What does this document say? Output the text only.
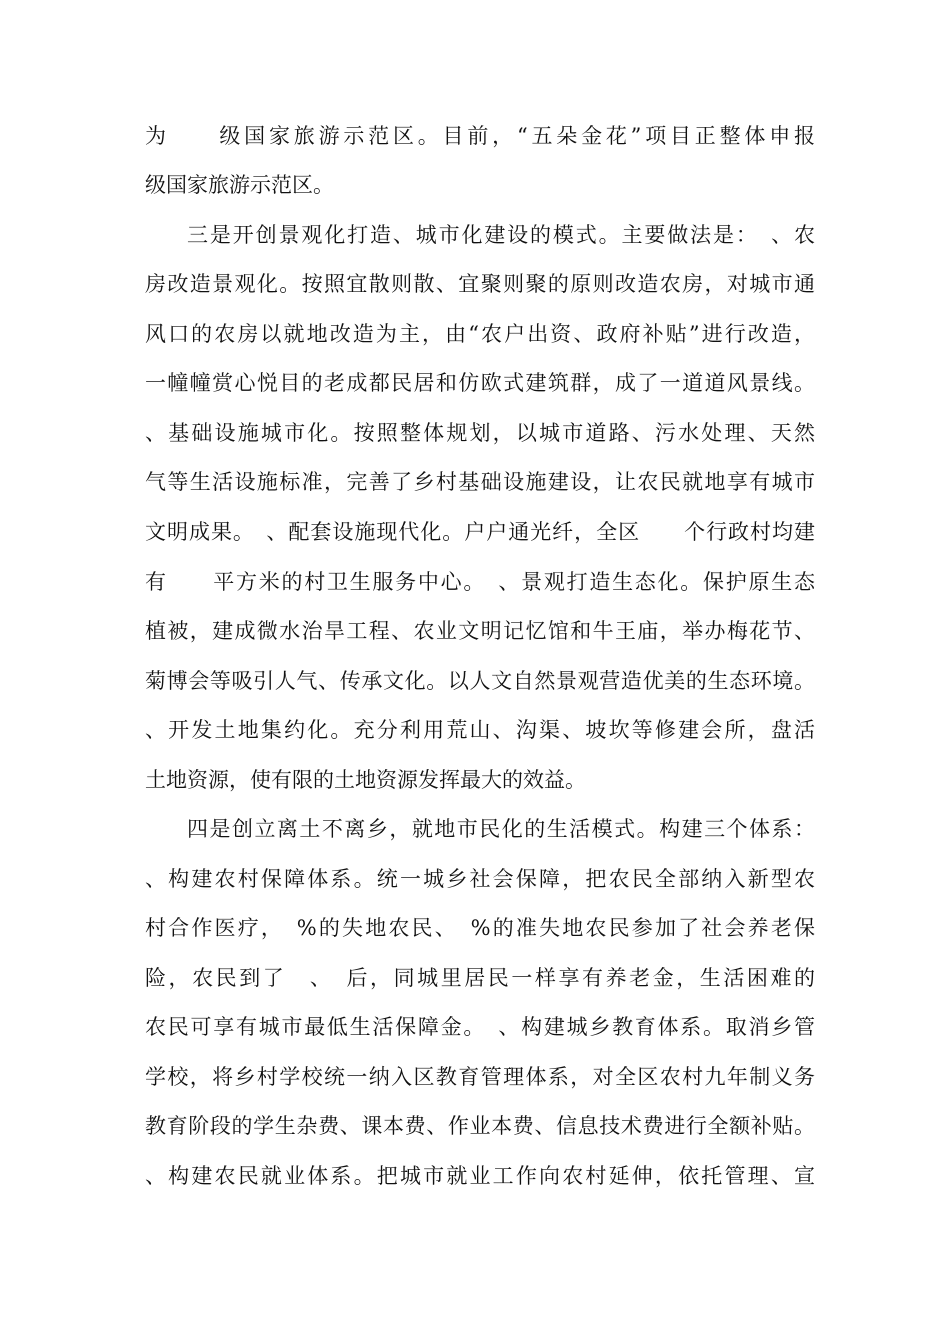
为　　级国家旅游示范区。目前，“五朵金花”项目正整体申报
级国家旅游示范区。
三是开创景观化打造、城市化建设的模式。主要做法是：　、农
房改造景观化。按照宜散则散、宜聚则聚的原则改造农房，对城市通
风口的农房以就地改造为主，由“农户出资、政府补贴”进行改造，
一幢幢赏心悦目的老成都民居和仿欧式建筑群，成了一道道风景线。
、基础设施城市化。按照整体规划，以城市道路、污水处理、天然
气等生活设施标准，完善了乡村基础设施建设，让农民就地享有城市
文明成果。　、配套设施现代化。户户通光纤，全区　　个行政村均建
有　　平方米的村卫生服务中心。　、景观打造生态化。保护原生态
植被，建成微水治旱工程、农业文明记忆馆和牛王庙，举办梅花节、
菊博会等吸引人气、传承文化。以人文自然景观营造优美的生态环境。
、开发土地集约化。充分利用荒山、沟渠、坡坎等修建会所，盘活
土地资源，使有限的土地资源发挥最大的效益。
四是创立离土不离乡，就地市民化的生活模式。构建三个体系：
、构建农村保障体系。统一城乡社会保障，把农民全部纳入新型农
村合作医疗，　%的失地农民、　%的准失地农民参加了社会养老保
险，农民到了　、　后，同城里居民一样享有养老金，生活困难的
农民可享有城市最低生活保障金。　、构建城乡教育体系。取消乡管
学校，将乡村学校统一纳入区教育管理体系，对全区农村九年制义务
教育阶段的学生杂费、课本费、作业本费、信息技术费进行全额补贴。
、构建农民就业体系。把城市就业工作向农村延伸，依托管理、宣
